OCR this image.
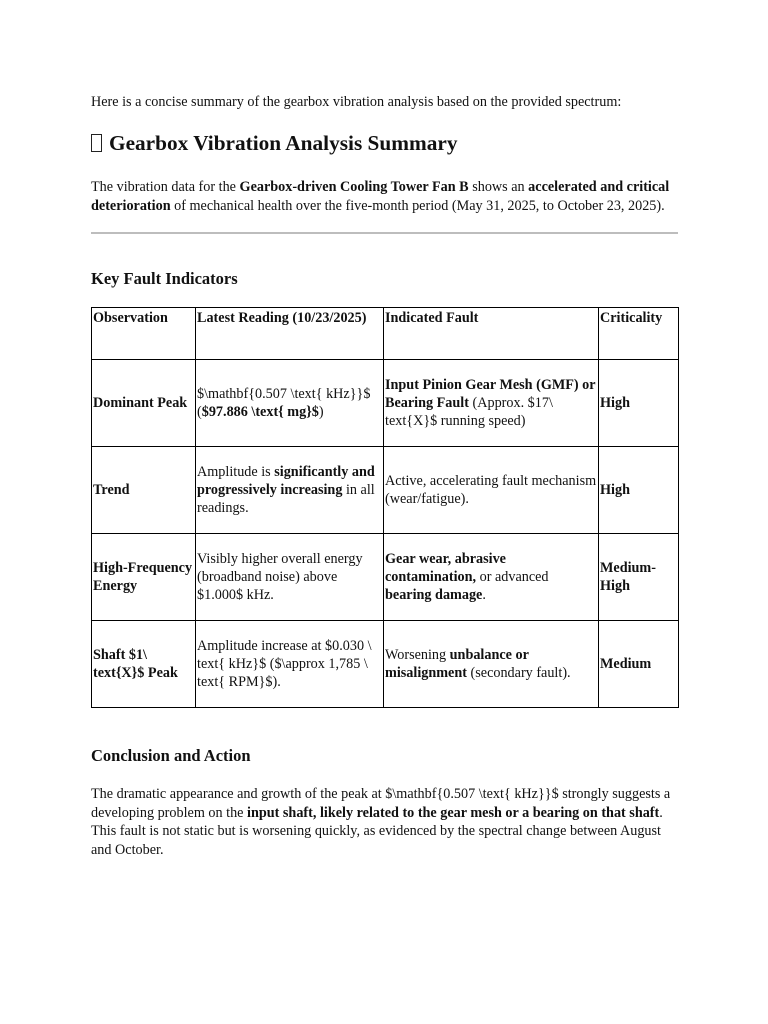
Here is a concise summary of the gearbox vibration analysis based on the provided spectrum:

Gearbox Vibration Analysis Summary

The vibration data for the Gearbox-driven Cooling Tower Fan B shows an accelerated and critical deterioration of mechanical health over the five-month period (May 31, 2025, to October 23, 2025).

Key Fault Indicators
Observation	Latest Reading (10/23/2025)	Indicated Fault	Criticality
Dominant Peak	$\mathbf{0.507 \text{ kHz}}$ ($97.886 \text{ mg}$)	Input Pinion Gear Mesh (GMF) or Bearing Fault (Approx. $17\ text{X}$ running speed)	High
Trend	Amplitude is significantly and progressively increasing in all readings.	Active, accelerating fault mechanism (wear/fatigue).	High
High-Frequency Energy	Visibly higher overall energy (broadband noise) above $1.000$ kHz.	Gear wear, abrasive contamination, or advanced bearing damage.	Medium-High
Shaft $1\ text{X}$ Peak	Amplitude increase at $0.030 \ text{ kHz}$ ($\approx 1,785 \ text{ RPM}$).	Worsening unbalance or misalignment (secondary fault).	Medium
Conclusion and Action

The dramatic appearance and growth of the peak at $\mathbf{0.507 \text{ kHz}}$ strongly suggests a developing problem on the input shaft, likely related to the gear mesh or a bearing on that shaft. This fault is not static but is worsening quickly, as evidenced by the spectral change between August and October.
